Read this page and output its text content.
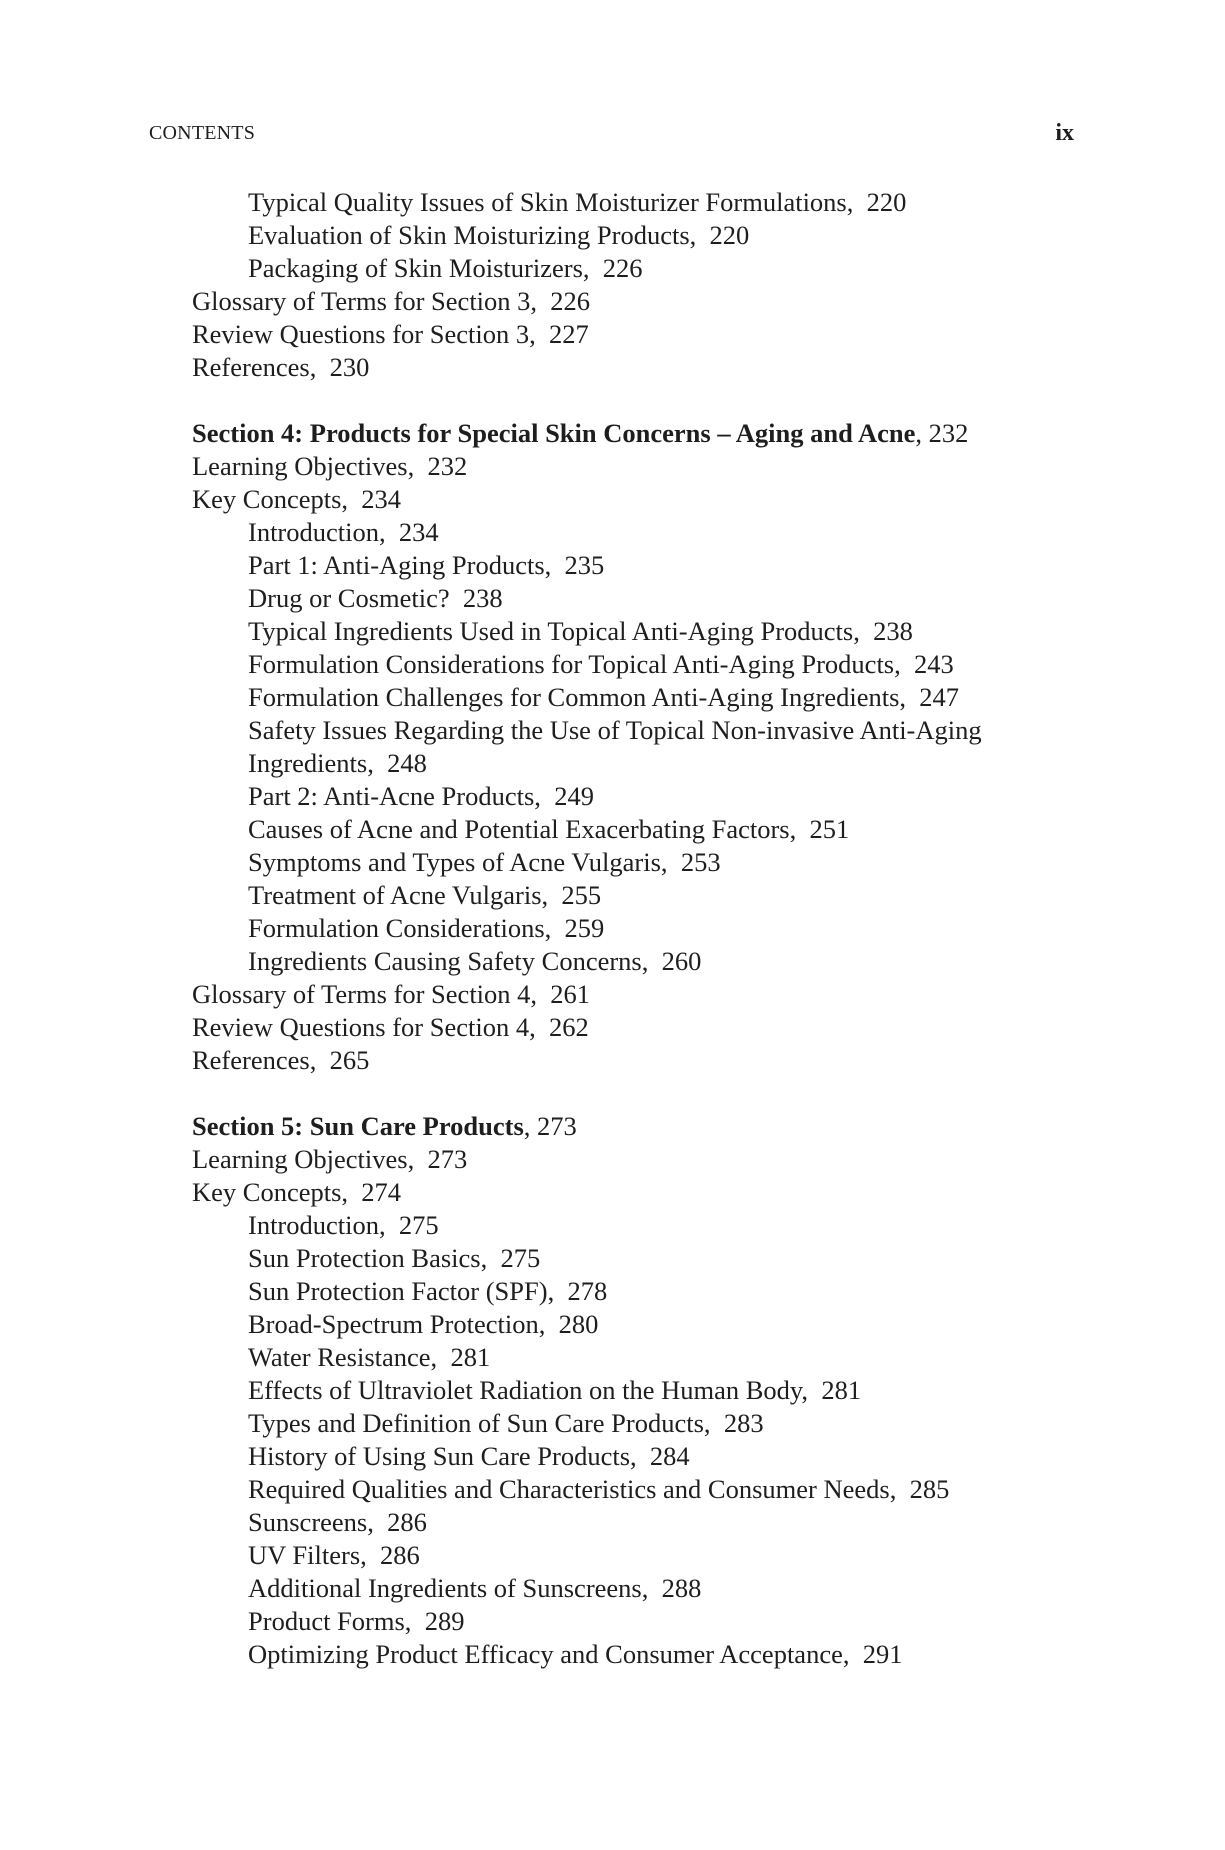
CONTENTS	ix
Typical Quality Issues of Skin Moisturizer Formulations, 220
Evaluation of Skin Moisturizing Products, 220
Packaging of Skin Moisturizers, 226
Glossary of Terms for Section 3, 226
Review Questions for Section 3, 227
References, 230
Section 4: Products for Special Skin Concerns – Aging and Acne, 232
Learning Objectives, 232
Key Concepts, 234
Introduction, 234
Part 1: Anti-Aging Products, 235
Drug or Cosmetic? 238
Typical Ingredients Used in Topical Anti-Aging Products, 238
Formulation Considerations for Topical Anti-Aging Products, 243
Formulation Challenges for Common Anti-Aging Ingredients, 247
Safety Issues Regarding the Use of Topical Non-invasive Anti-Aging
Ingredients, 248
Part 2: Anti-Acne Products, 249
Causes of Acne and Potential Exacerbating Factors, 251
Symptoms and Types of Acne Vulgaris, 253
Treatment of Acne Vulgaris, 255
Formulation Considerations, 259
Ingredients Causing Safety Concerns, 260
Glossary of Terms for Section 4, 261
Review Questions for Section 4, 262
References, 265
Section 5: Sun Care Products, 273
Learning Objectives, 273
Key Concepts, 274
Introduction, 275
Sun Protection Basics, 275
Sun Protection Factor (SPF), 278
Broad-Spectrum Protection, 280
Water Resistance, 281
Effects of Ultraviolet Radiation on the Human Body, 281
Types and Definition of Sun Care Products, 283
History of Using Sun Care Products, 284
Required Qualities and Characteristics and Consumer Needs, 285
Sunscreens, 286
UV Filters, 286
Additional Ingredients of Sunscreens, 288
Product Forms, 289
Optimizing Product Efficacy and Consumer Acceptance, 291
